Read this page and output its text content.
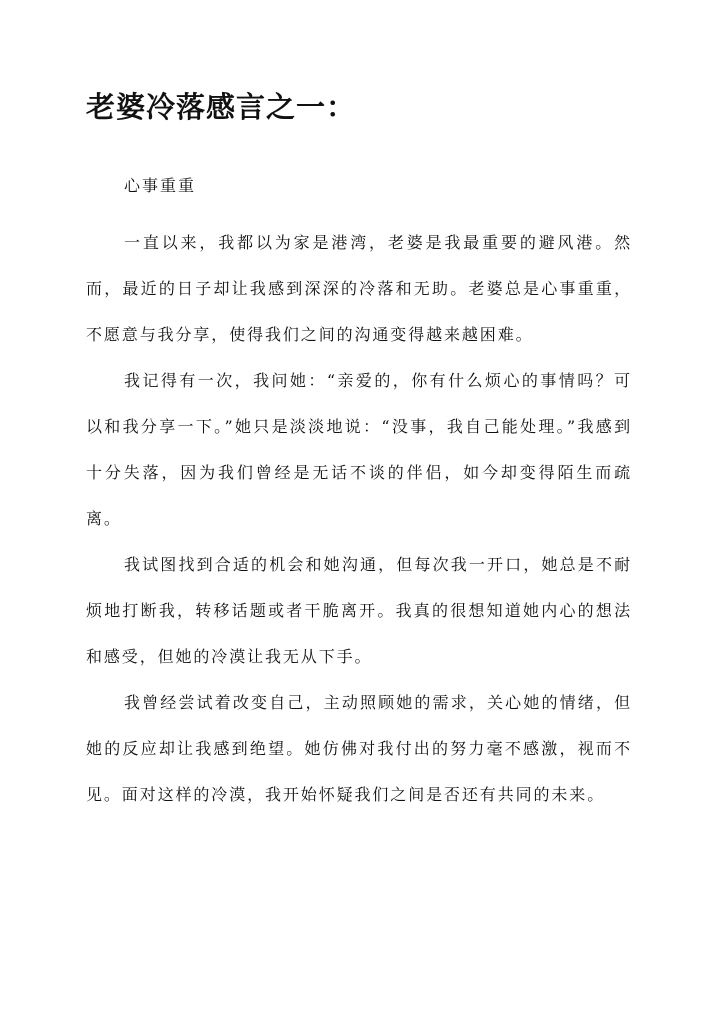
老婆冷落感言之一：
心事重重

一直以来，我都以为家是港湾，老婆是我最重要的避风港。然而，最近的日子却让我感到深深的冷落和无助。老婆总是心事重重，不愿意与我分享，使得我们之间的沟通变得越来越困难。

我记得有一次，我问她：“亲爱的，你有什么烦心的事情吗？可以和我分享一下。”她只是淡淡地说：“没事，我自己能处理。”我感到十分失落，因为我们曾经是无话不谈的伴侣，如今却变得陌生而疏离。

我试图找到合适的机会和她沟通，但每次我一开口，她总是不耐烦地打断我，转移话题或者干脆离开。我真的很想知道她内心的想法和感受，但她的冷漠让我无从下手。

我曾经尝试着改变自己，主动照顾她的需求，关心她的情绪，但她的反应却让我感到绝望。她仿佛对我付出的努力毫不感激，视而不见。面对这样的冷漠，我开始怀疑我们之间是否还有共同的未来。
